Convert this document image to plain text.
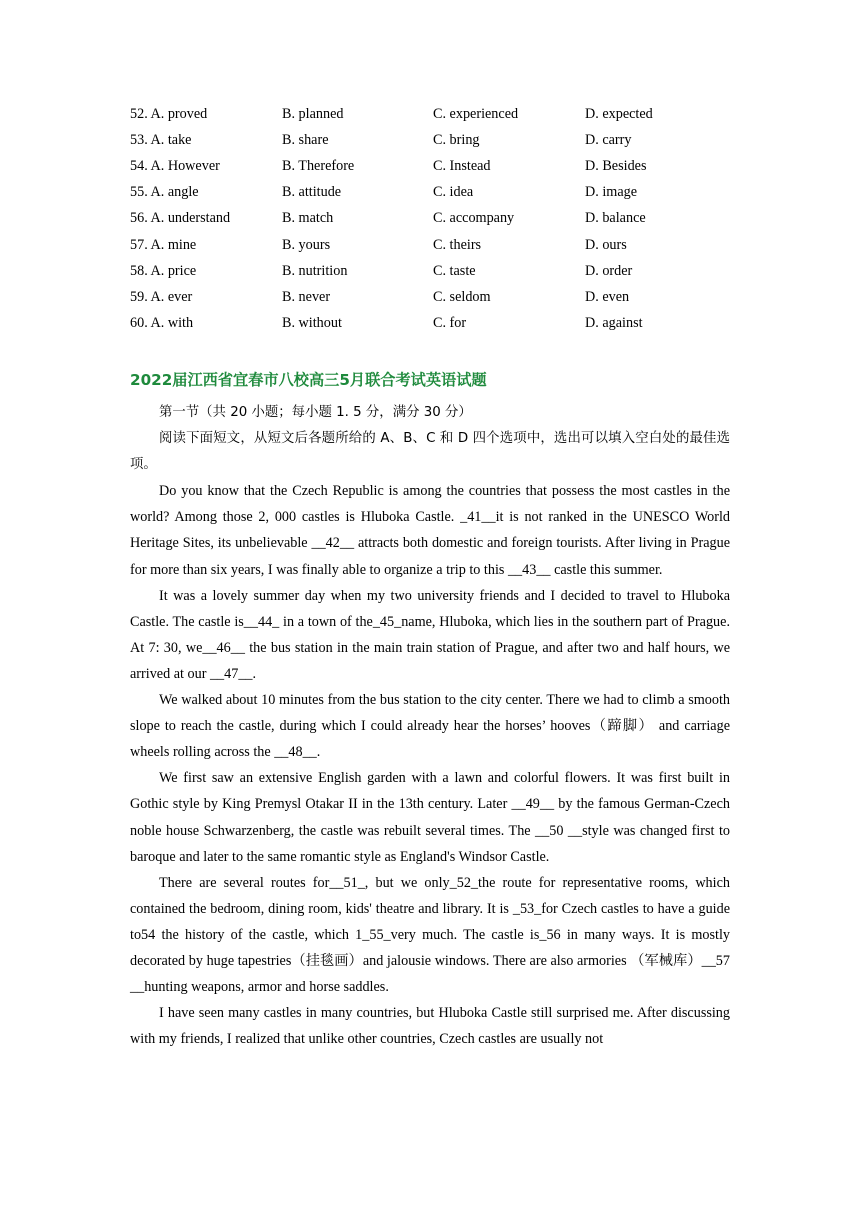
52. A. proved	B. planned	C. experienced	D. expected
53. A. take	B. share	C. bring	D. carry
54. A. However	B. Therefore	C. Instead	D. Besides
55. A. angle	B. attitude	C. idea	D. image
56. A. understand	B. match	C. accompany	D. balance
57. A. mine	B. yours	C. theirs	D. ours
58. A. price	B. nutrition	C. taste	D. order
59. A. ever	B. never	C. seldom	D. even
60. A. with	B. without	C. for	D. against
2022届江西省宜春市八校高三5月联合考试英语试题

第一节（共 20 小题；每小题 1. 5 分，满分 30 分）

阅读下面短文，从短文后各题所给的 A、B、C 和 D 四个选项中，选出可以填入空白处的最佳选项。

Do you know that the Czech Republic is among the countries that possess the most castles in the world? Among those 2, 000 castles is Hluboka Castle. _41__it is not ranked in the UNESCO World Heritage Sites, its unbelievable __42__ attracts both domestic and foreign tourists. After living in Prague for more than six years, I was finally able to organize a trip to this __43__ castle this summer.

It was a lovely summer day when my two university friends and I decided to travel to Hluboka Castle. The castle is__44_ in a town of the_45_name, Hluboka, which lies in the southern part of Prague. At 7: 30, we__46__ the bus station in the main train station of Prague, and after two and half hours, we arrived at our __47__.

We walked about 10 minutes from the bus station to the city center. There we had to climb a smooth slope to reach the castle, during which I could already hear the horses’ hooves（蹄脚） and carriage wheels rolling across the __48__.

We first saw an extensive English garden with a lawn and colorful flowers. It was first built in Gothic style by King Premysl Otakar II in the 13th century. Later __49__ by the famous German-Czech noble house Schwarzenberg, the castle was rebuilt several times. The __50 __style was changed first to baroque and later to the same romantic style as England's Windsor Castle.

There are several routes for__51_, but we only_52_the route for representative rooms, which contained the bedroom, dining room, kids' theatre and library. It is _53_for Czech castles to have a guide to54 the history of the castle, which 1_55_very much. The castle is_56 in many ways. It is mostly decorated by huge tapestries（挂毯画）and jalousie windows. There are also armories （军械库）__57 __hunting weapons, armor and horse saddles.

I have seen many castles in many countries, but Hluboka Castle still surprised me. After discussing with my friends, I realized that unlike other countries, Czech castles are usually not
